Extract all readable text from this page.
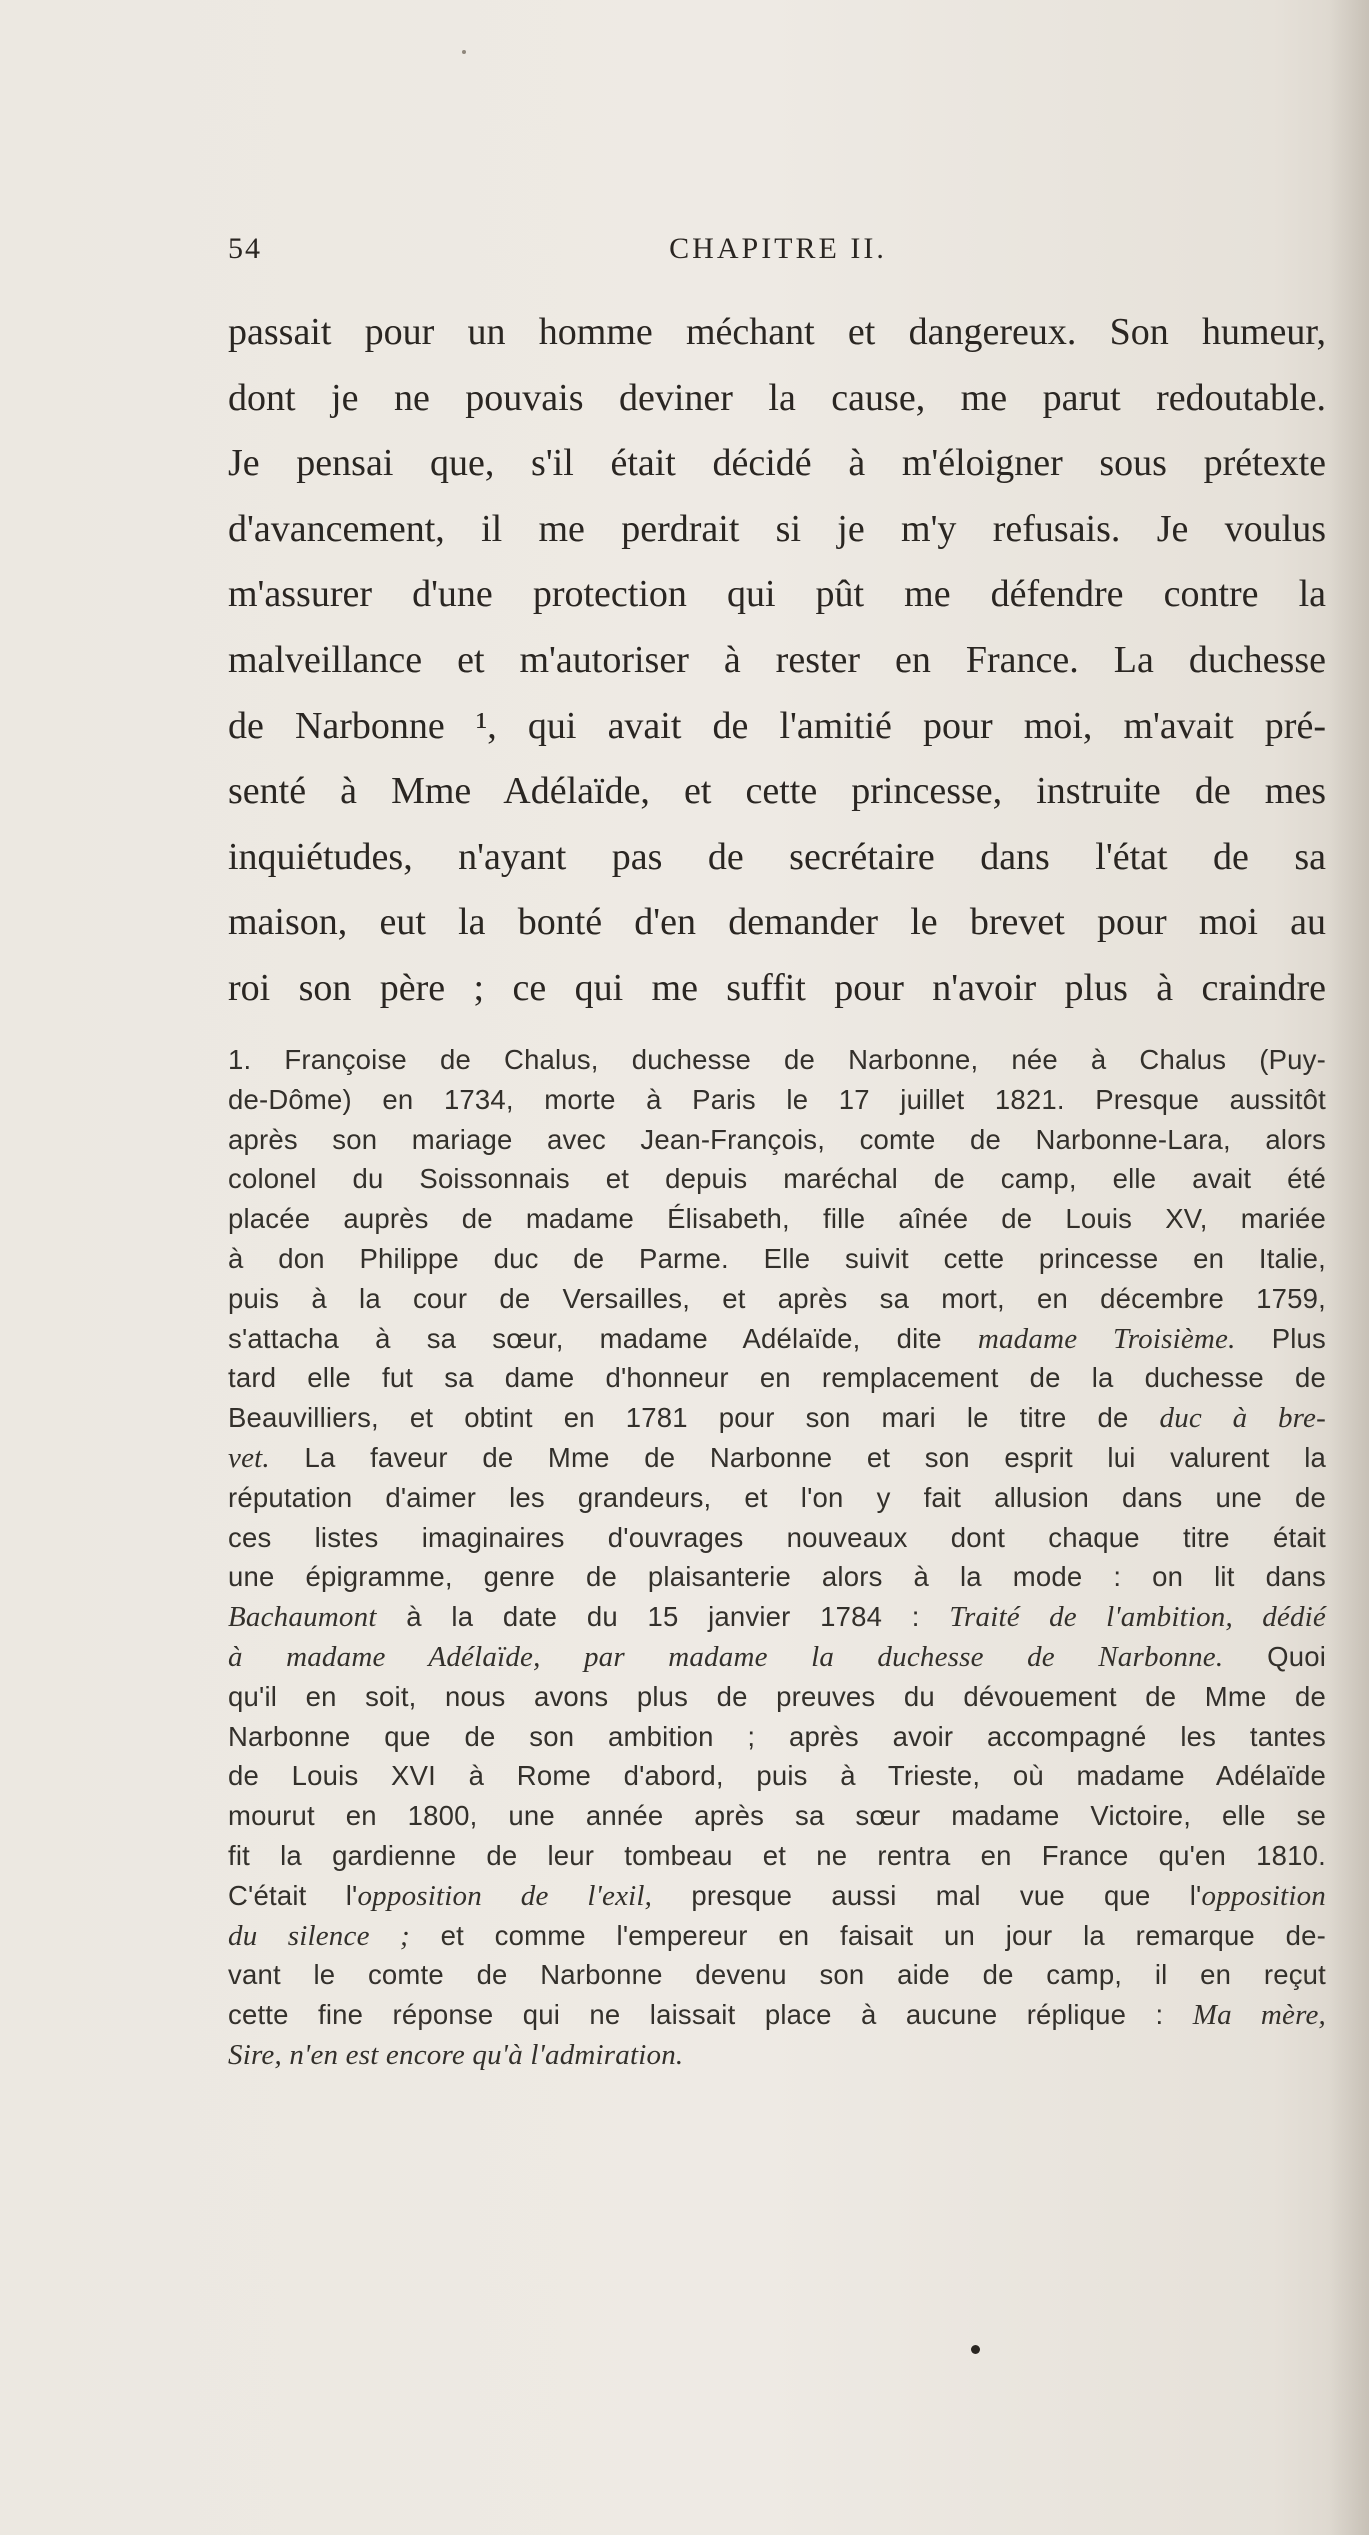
54	CHAPITRE II.
passait pour un homme méchant et dangereux. Son humeur,
dont je ne pouvais deviner la cause, me parut redoutable.
Je pensai que, s'il était décidé à m'éloigner sous prétexte
d'avancement, il me perdrait si je m'y refusais. Je voulus
m'assurer d'une protection qui pût me défendre contre la
malveillance et m'autoriser à rester en France. La duchesse
de Narbonne ¹, qui avait de l'amitié pour moi, m'avait pré-
senté à Mme Adélaïde, et cette princesse, instruite de mes
inquiétudes, n'ayant pas de secrétaire dans l'état de sa
maison, eut la bonté d'en demander le brevet pour moi au
roi son père ; ce qui me suffit pour n'avoir plus à craindre
1. Françoise de Chalus, duchesse de Narbonne, née à Chalus (Puy-
de-Dôme) en 1734, morte à Paris le 17 juillet 1821. Presque aussitôt
après son mariage avec Jean-François, comte de Narbonne-Lara, alors
colonel du Soissonnais et depuis maréchal de camp, elle avait été
placée auprès de madame Élisabeth, fille aînée de Louis XV, mariée
à don Philippe duc de Parme. Elle suivit cette princesse en Italie,
puis à la cour de Versailles, et après sa mort, en décembre 1759,
s'attacha à sa sœur, madame Adélaïde, dite madame Troisième. Plus
tard elle fut sa dame d'honneur en remplacement de la duchesse de
Beauvilliers, et obtint en 1781 pour son mari le titre de duc à bre-
vet. La faveur de Mme de Narbonne et son esprit lui valurent la
réputation d'aimer les grandeurs, et l'on y fait allusion dans une de
ces listes imaginaires d'ouvrages nouveaux dont chaque titre était
une épigramme, genre de plaisanterie alors à la mode : on lit dans
Bachaumont à la date du 15 janvier 1784 : Traité de l'ambition, dédié
à madame Adélaïde, par madame la duchesse de Narbonne. Quoi
qu'il en soit, nous avons plus de preuves du dévouement de Mme de
Narbonne que de son ambition ; après avoir accompagné les tantes
de Louis XVI à Rome d'abord, puis à Trieste, où madame Adélaïde
mourut en 1800, une année après sa sœur madame Victoire, elle se
fit la gardienne de leur tombeau et ne rentra en France qu'en 1810.
C'était l'opposition de l'exil, presque aussi mal vue que l'opposition
du silence ; et comme l'empereur en faisait un jour la remarque de-
vant le comte de Narbonne devenu son aide de camp, il en reçut
cette fine réponse qui ne laissait place à aucune réplique : Ma mère,
Sire, n'en est encore qu'à l'admiration.
